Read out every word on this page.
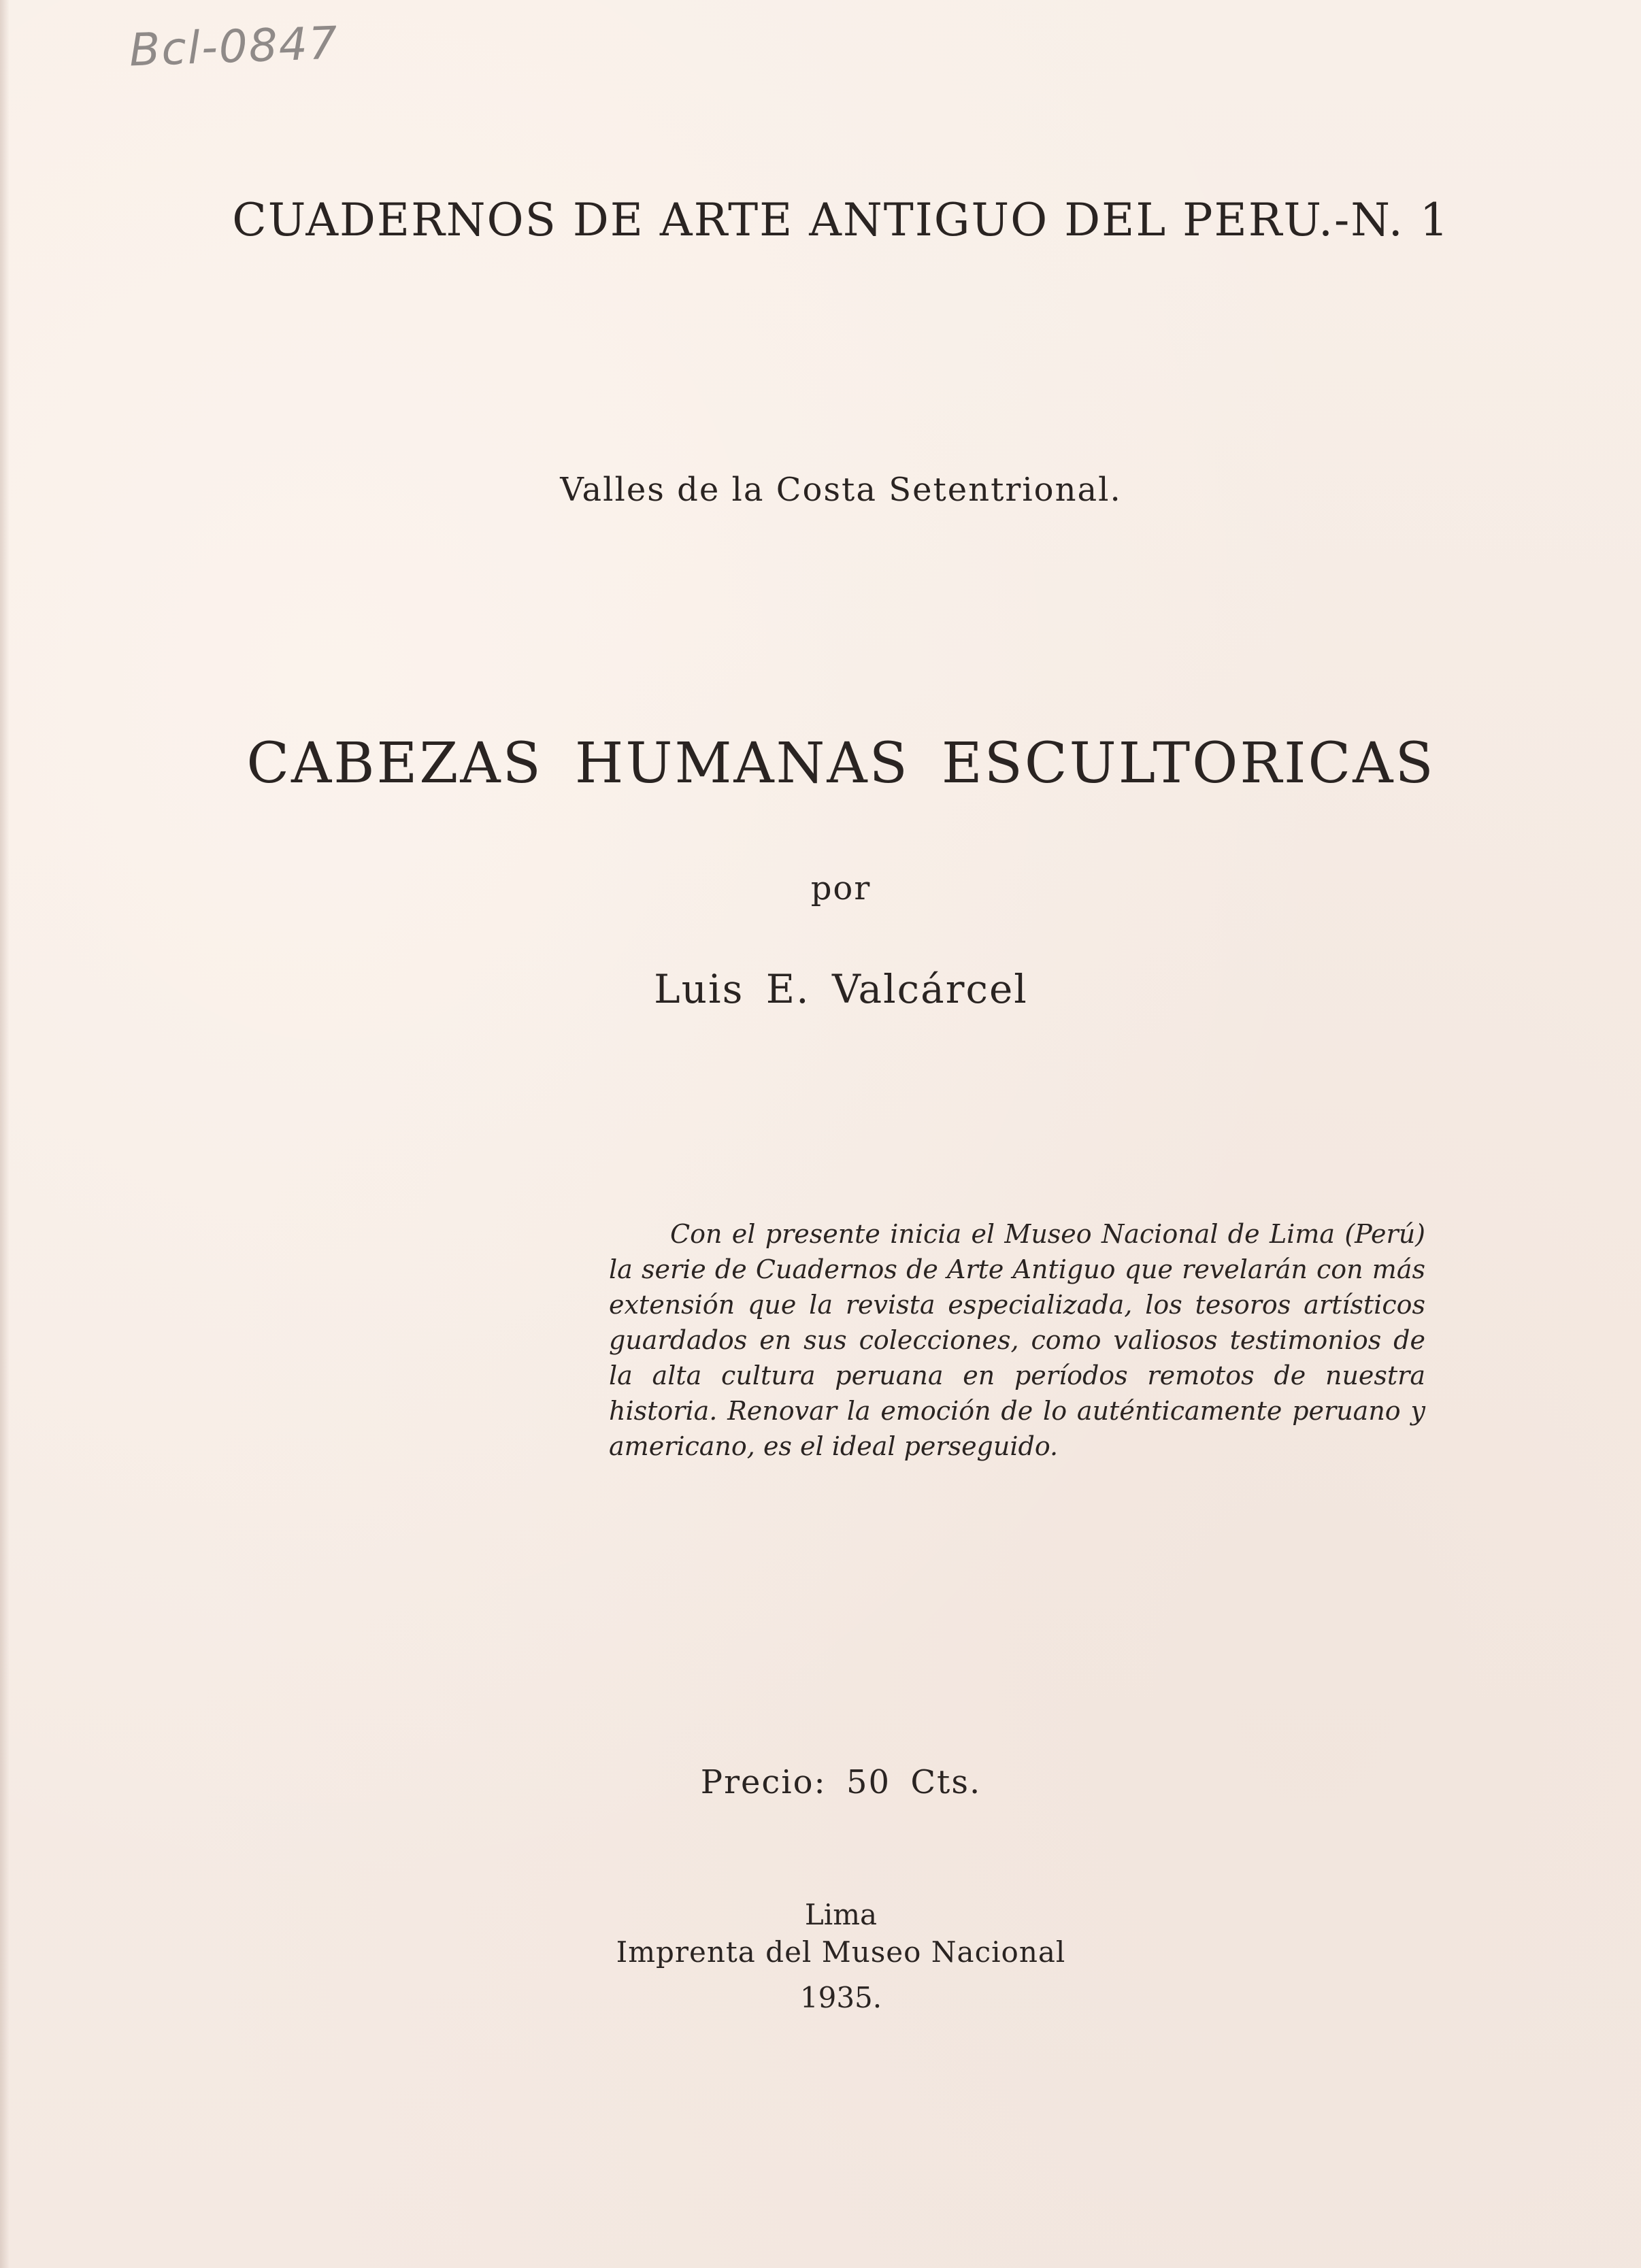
Bcl-0847
CUADERNOS DE ARTE ANTIGUO DEL PERU.-N. 1
Valles de la Costa Setentrional.
CABEZAS HUMANAS ESCULTORICAS
por
Luis E. Valcárcel

Con el presente inicia el Museo Nacional de Lima (Perú) la serie de Cuadernos de Arte Antiguo que revelarán con más extensión que la revista especializada, los tesoros artísticos guardados en sus colecciones, como valiosos testimonios de la alta cultura peruana en períodos remotos de nuestra historia. Renovar la emoción de lo auténticamente peruano y americano, es el ideal perseguido.

Precio: 50 Cts.
Lima
Imprenta del Museo Nacional
1935.
